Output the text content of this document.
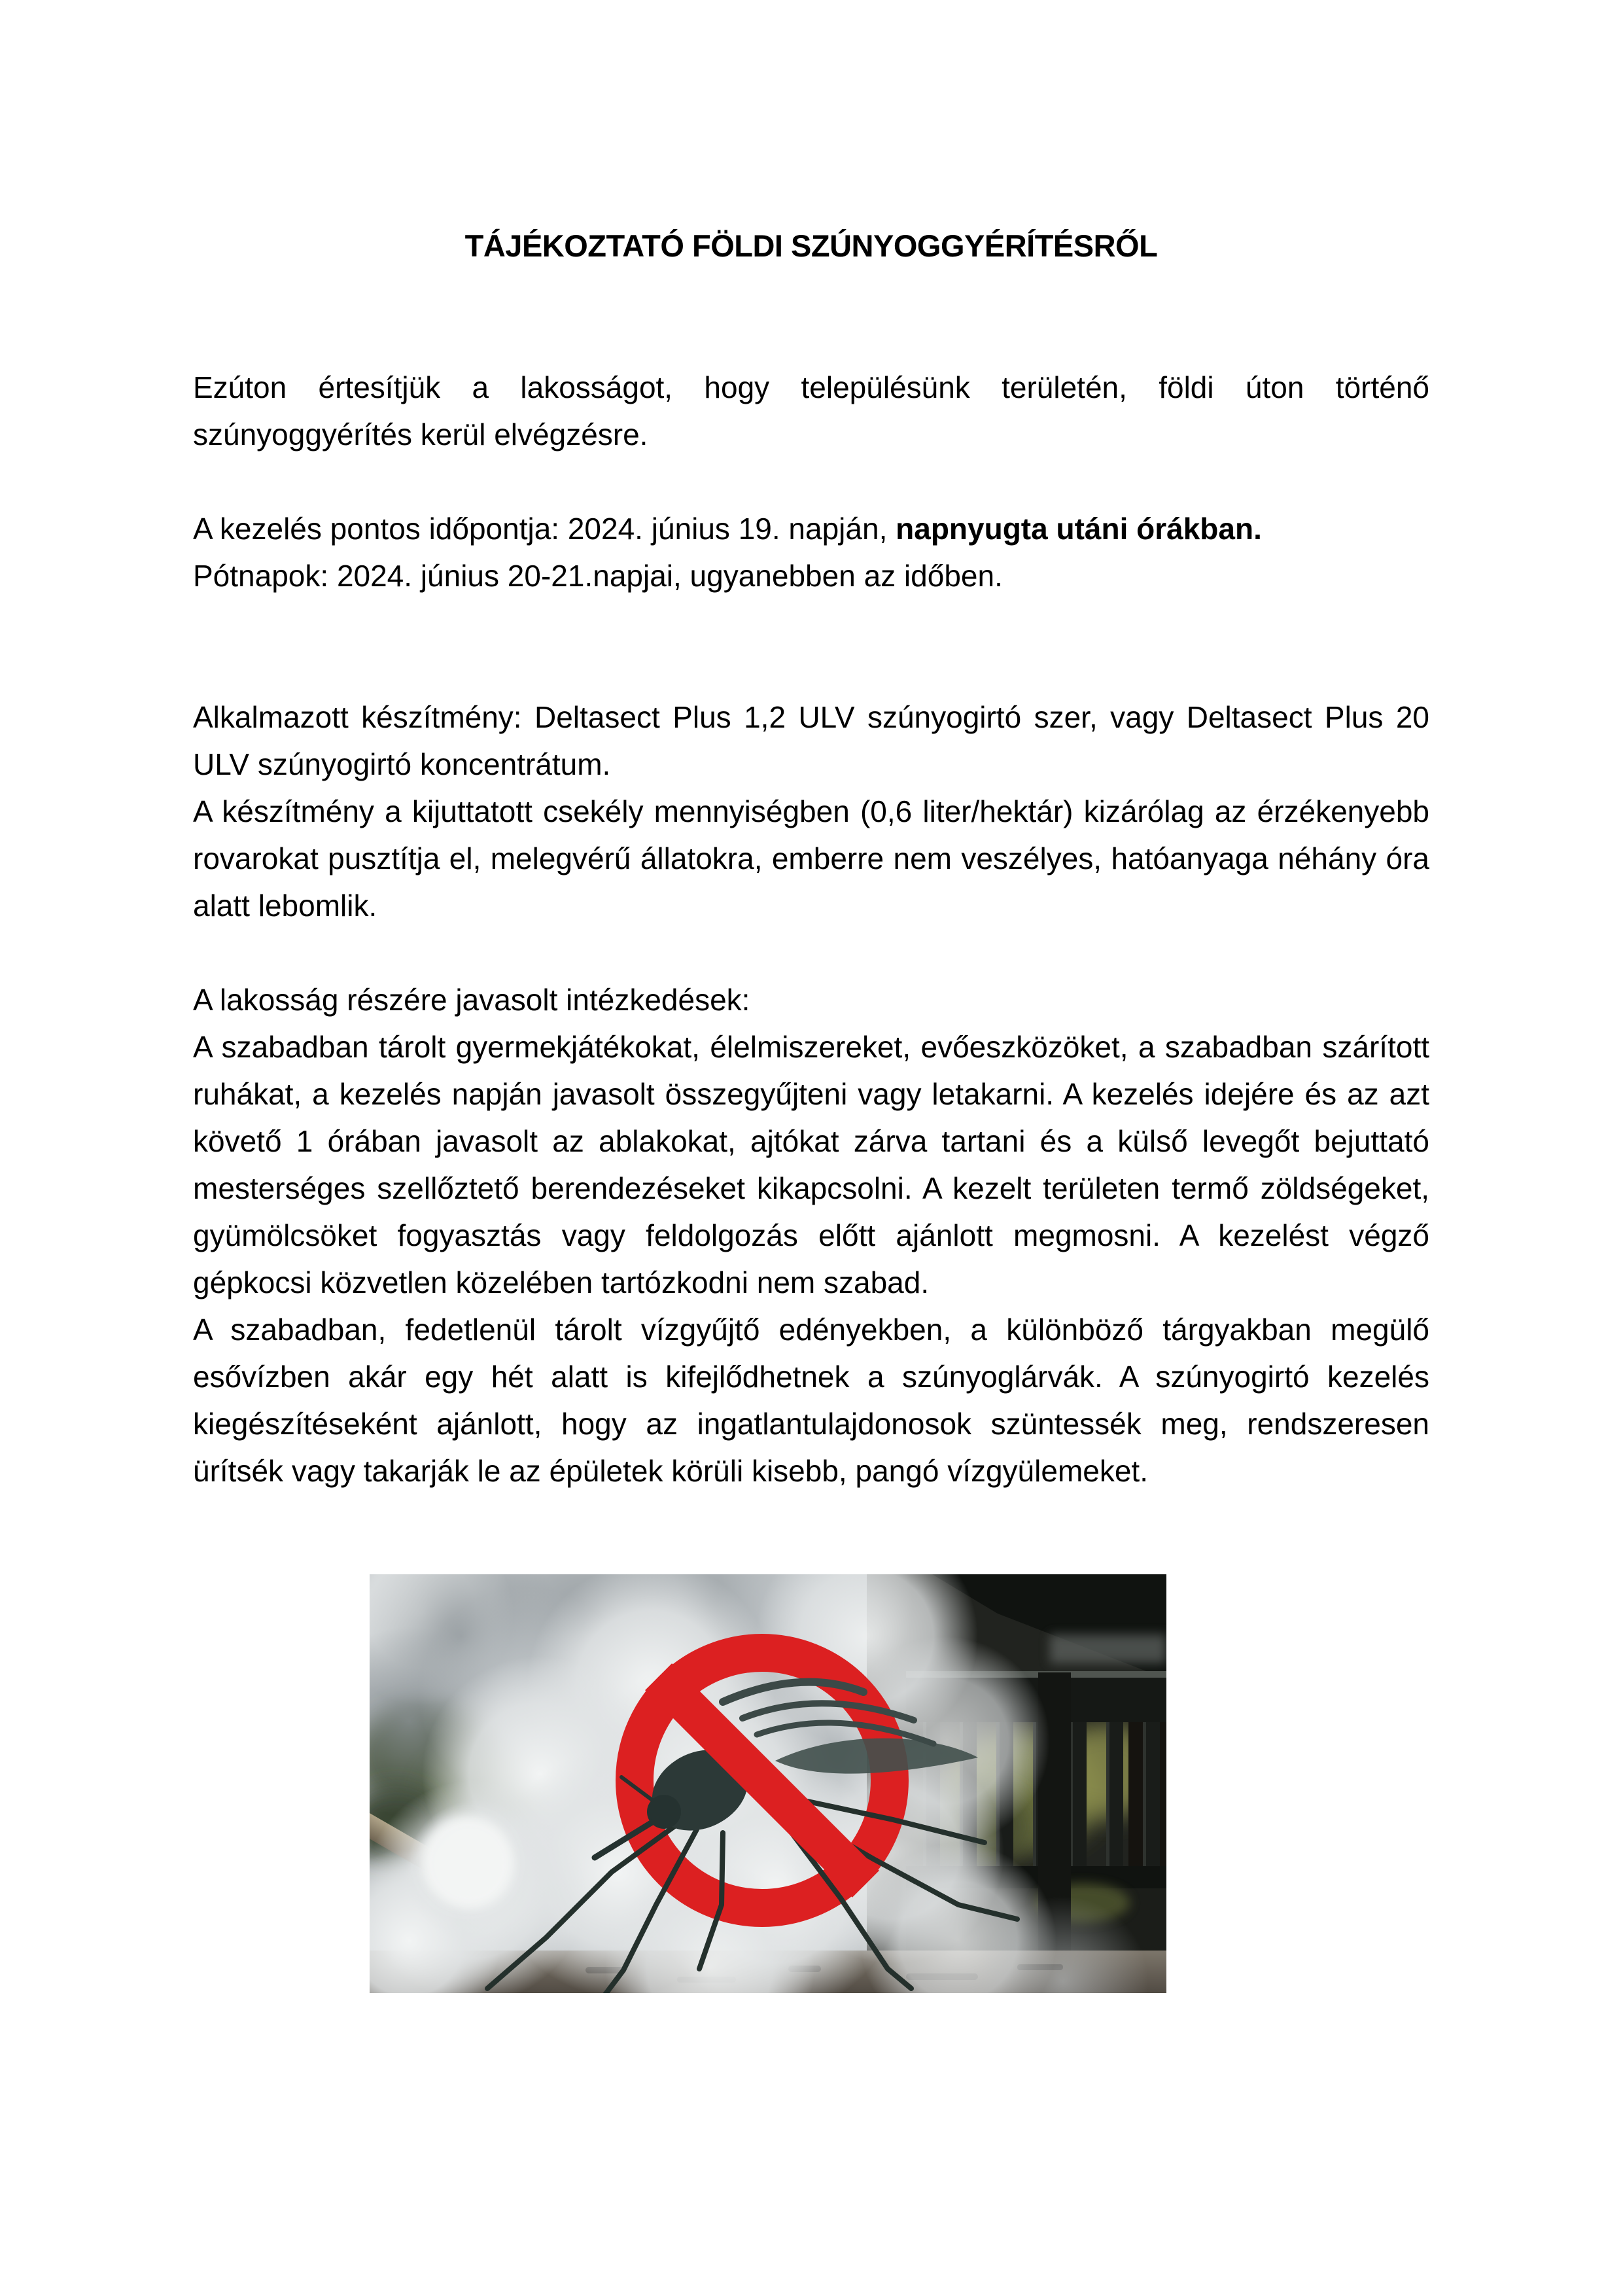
TÁJÉKOZTATÓ FÖLDI SZÚNYOGGYÉRÍTÉSRŐL

Ezúton értesítjük a lakosságot, hogy településünk területén, földi úton történő szúnyoggyérítés kerül elvégzésre.

A kezelés pontos időpontja: 2024. június 19. napján, napnyugta utáni órákban.
Pótnapok: 2024. június 20-21.napjai, ugyanebben az időben.

Alkalmazott készítmény: Deltasect Plus 1,2 ULV szúnyogirtó szer, vagy Deltasect Plus 20 ULV szúnyogirtó koncentrátum.

A készítmény a kijuttatott csekély mennyiségben (0,6 liter/hektár) kizárólag az érzékenyebb rovarokat pusztítja el, melegvérű állatokra, emberre nem veszélyes, hatóanyaga néhány óra alatt lebomlik.

A lakosság részére javasolt intézkedések:

A szabadban tárolt gyermekjátékokat, élelmiszereket, evőeszközöket, a szabadban szárított ruhákat, a kezelés napján javasolt összegyűjteni vagy letakarni. A kezelés idejére és az azt követő 1 órában javasolt az ablakokat, ajtókat zárva tartani és a külső levegőt bejuttató mesterséges szellőztető berendezéseket kikapcsolni. A kezelt területen termő zöldségeket, gyümölcsöket fogyasztás vagy feldolgozás előtt ajánlott megmosni. A kezelést végző gépkocsi közvetlen közelében tartózkodni nem szabad.

A szabadban, fedetlenül tárolt vízgyűjtő edényekben, a különböző tárgyakban megülő esővízben akár egy hét alatt is kifejlődhetnek a szúnyoglárvák. A szúnyogirtó kezelés kiegészítéseként ajánlott, hogy az ingatlantulajdonosok szüntessék meg, rendszeresen ürítsék vagy takarják le az épületek körüli kisebb, pangó vízgyülemeket.
